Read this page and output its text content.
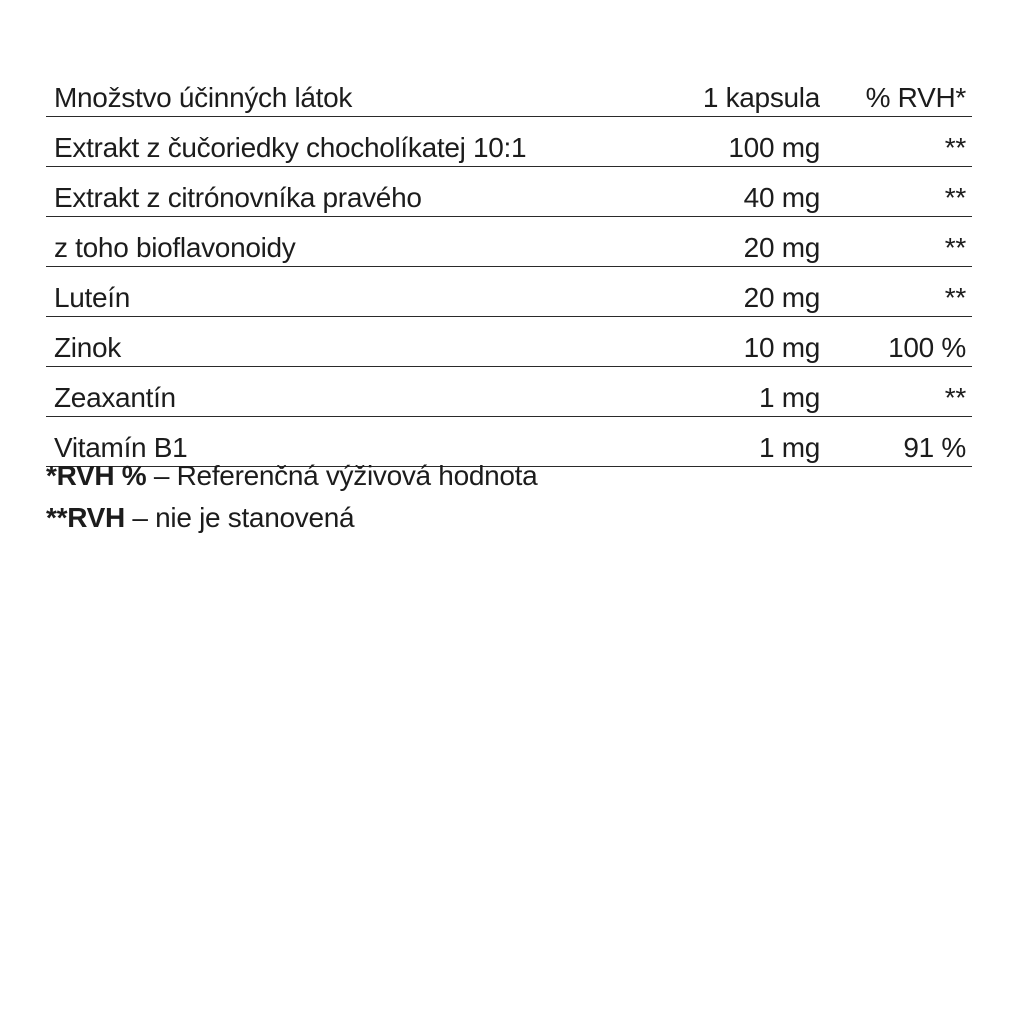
Množstvo účinných látok	1 kapsula	% RVH*
Extrakt z čučoriedky chocholíkatej 10:1	100 mg	**
Extrakt z citrónovníka pravého	40 mg	**
z toho bioflavonoidy	20 mg	**
Luteín	20 mg	**
Zinok	10 mg	100 %
Zeaxantín	1 mg	**
Vitamín B1	1 mg	91 %
*RVH % – Referenčná výživová hodnota
**RVH – nie je stanovená
